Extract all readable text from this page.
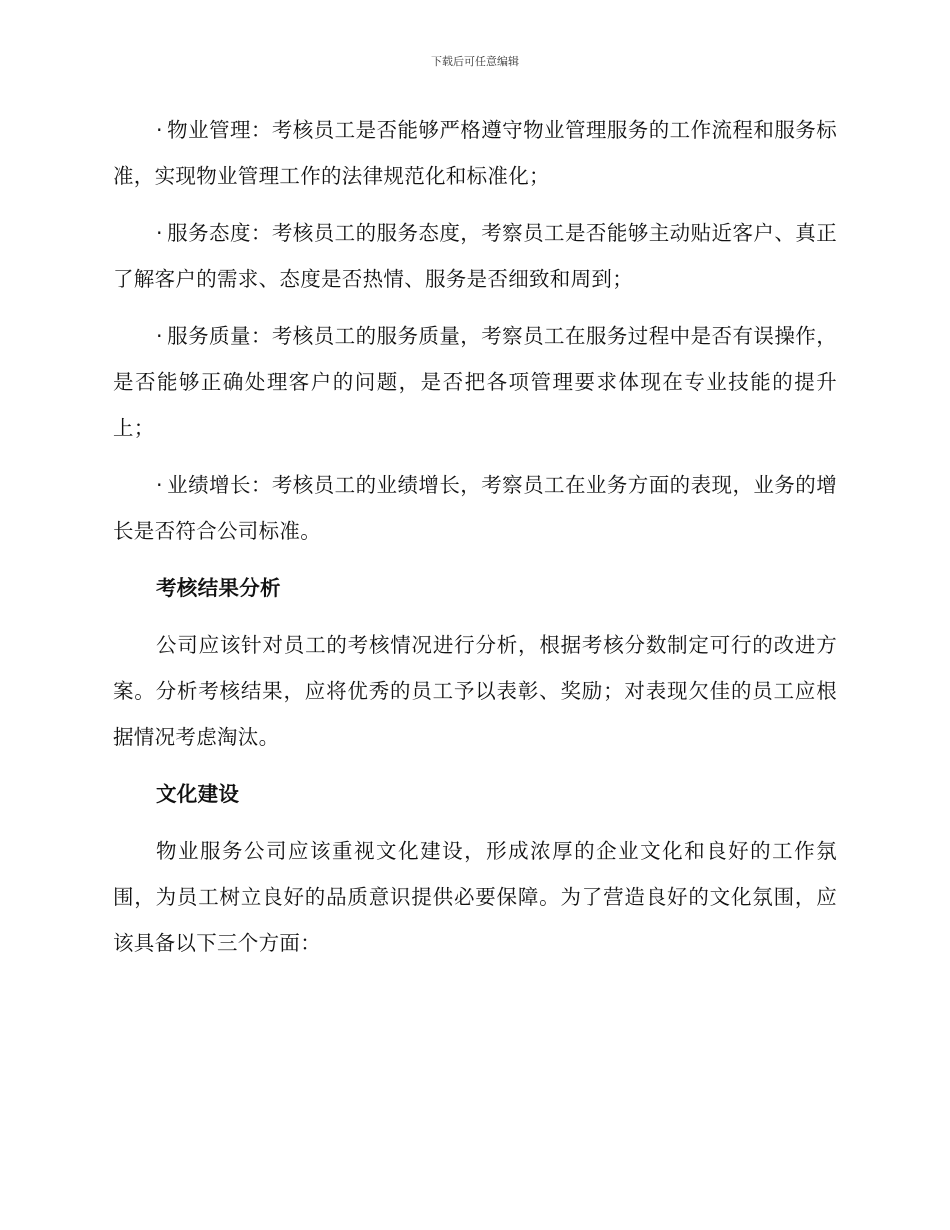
下载后可任意编辑

· 物业管理：考核员工是否能够严格遵守物业管理服务的工作流程和服务标准，实现物业管理工作的法律规范化和标准化；

· 服务态度：考核员工的服务态度，考察员工是否能够主动贴近客户、真正了解客户的需求、态度是否热情、服务是否细致和周到；

· 服务质量：考核员工的服务质量，考察员工在服务过程中是否有误操作，是否能够正确处理客户的问题，是否把各项管理要求体现在专业技能的提升上；

· 业绩增长：考核员工的业绩增长，考察员工在业务方面的表现，业务的增长是否符合公司标准。

考核结果分析

公司应该针对员工的考核情况进行分析，根据考核分数制定可行的改进方案。分析考核结果，应将优秀的员工予以表彰、奖励；对表现欠佳的员工应根据情况考虑淘汰。

文化建设

物业服务公司应该重视文化建设，形成浓厚的企业文化和良好的工作氛围，为员工树立良好的品质意识提供必要保障。为了营造良好的文化氛围，应该具备以下三个方面：
